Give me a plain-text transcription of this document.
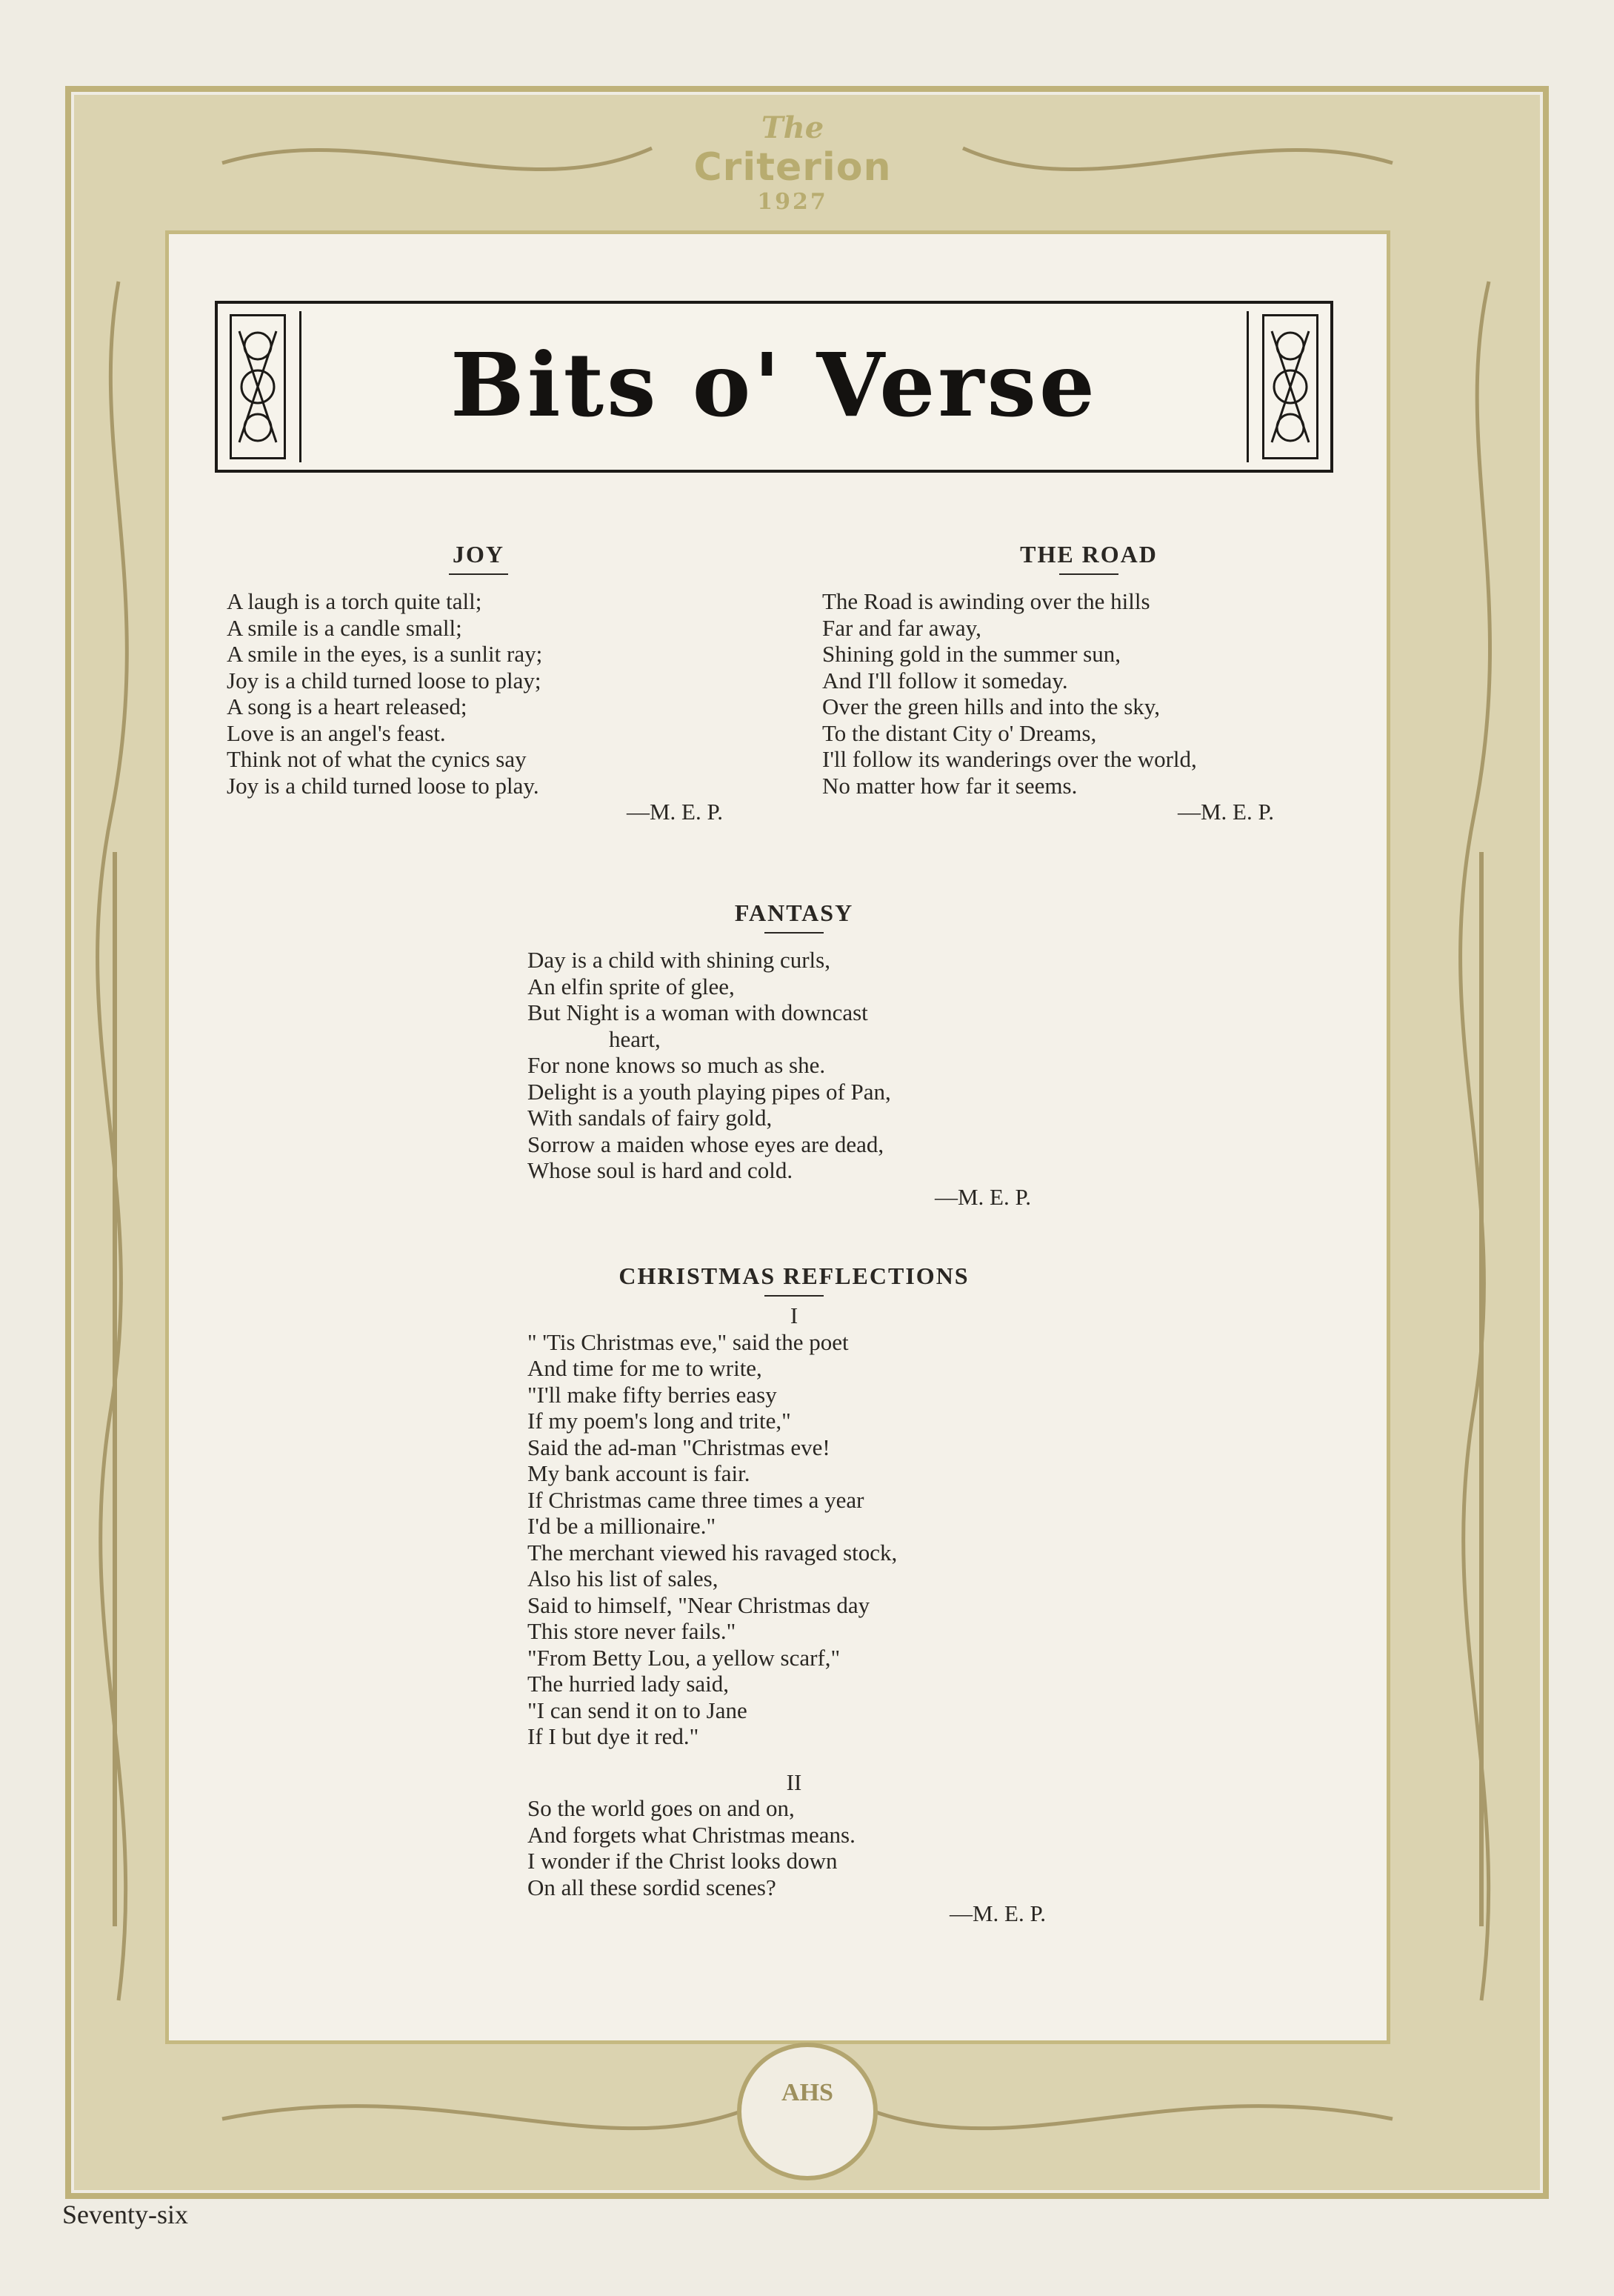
AHS
The
Criterion
1927
Bits o' Verse
JOY
A laugh is a torch quite tall;
A smile is a candle small;
A smile in the eyes, is a sunlit ray;
Joy is a child turned loose to play;
A song is a heart released;
Love is an angel's feast.
Think not of what the cynics say
Joy is a child turned loose to play.
—M. E. P.
THE ROAD
The Road is awinding over the hills
Far and far away,
Shining gold in the summer sun,
And I'll follow it someday.
Over the green hills and into the sky,
To the distant City o' Dreams,
I'll follow its wanderings over the world,
No matter how far it seems.
—M. E. P.
FANTASY
Day is a child with shining curls,
An elfin sprite of glee,
But Night is a woman with downcast
heart,
For none knows so much as she.
Delight is a youth playing pipes of Pan,
With sandals of fairy gold,
Sorrow a maiden whose eyes are dead,
Whose soul is hard and cold.
—M. E. P.
CHRISTMAS REFLECTIONS
I
" 'Tis Christmas eve," said the poet
And time for me to write,
"I'll make fifty berries easy
If my poem's long and trite,"
Said the ad-man "Christmas eve!
My bank account is fair.
If Christmas came three times a year
I'd be a millionaire."
The merchant viewed his ravaged stock,
Also his list of sales,
Said to himself, "Near Christmas day
This store never fails."
"From Betty Lou, a yellow scarf,"
The hurried lady said,
"I can send it on to Jane
If I but dye it red."
II
So the world goes on and on,
And forgets what Christmas means.
I wonder if the Christ looks down
On all these sordid scenes?
—M. E. P.
Seventy-six
